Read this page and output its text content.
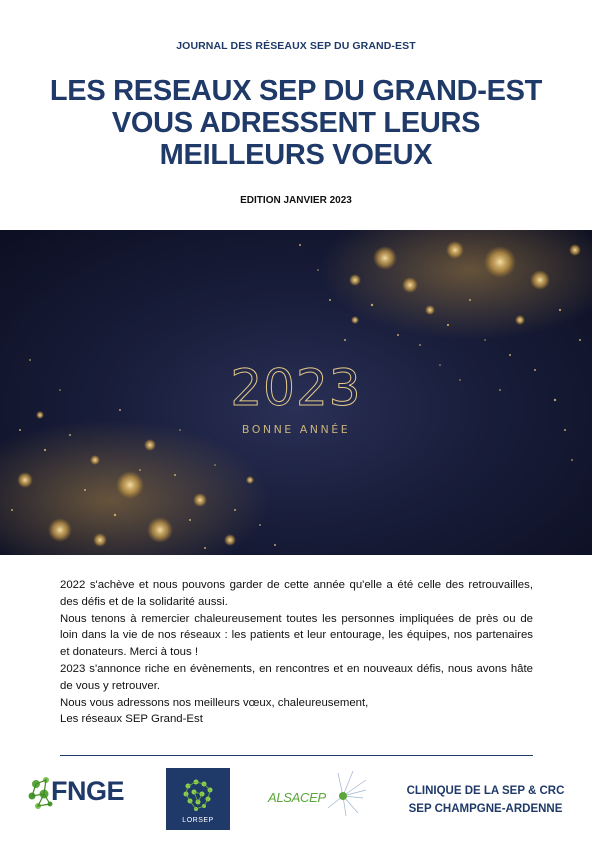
JOURNAL DES RÉSEAUX SEP DU GRAND-EST
LES RESEAUX SEP DU GRAND-EST
VOUS ADRESSENT LEURS
MEILLEURS VOEUX
EDITION JANVIER 2023
2023
BONNE ANNÉE

2022 s'achève et nous pouvons garder de cette année qu'elle a été celle des retrouvailles, des défis et de la solidarité aussi.

Nous tenons à remercier chaleureusement toutes les personnes impliquées de près ou de loin dans la vie de nos réseaux : les patients et leur entourage, les équipes, nos partenaires et donateurs. Merci à tous !

2023 s'annonce riche en évènements, en rencontres et en nouveaux défis, nous avons hâte de vous y retrouver.

Nous vous adressons nos meilleurs vœux, chaleureusement,

Les réseaux SEP Grand-Est

FNGE
LORSEP
ALSACEP	CLINIQUE DE LA SEP & CRC
SEP CHAMPGNE-ARDENNE
